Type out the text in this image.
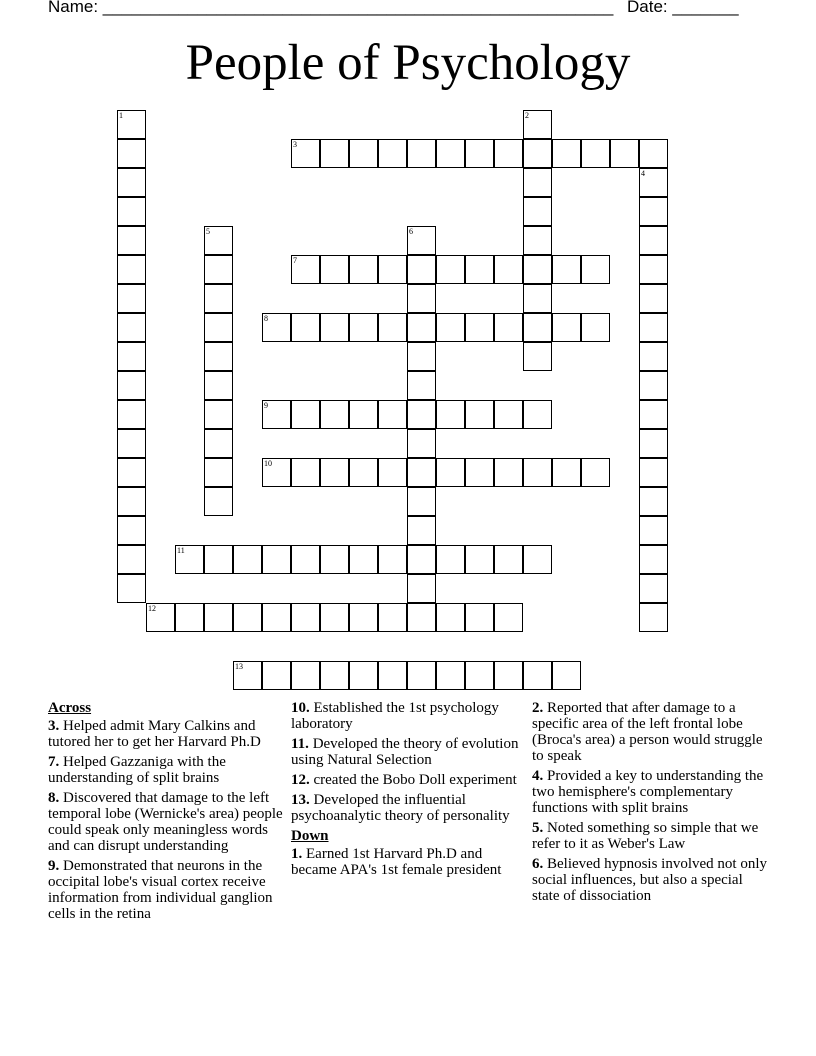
Name: ______________________________________________________ Date: _______
People of Psychology
1	2
3
4
5	6
7
8
9
10
11
12
13
Across
3. Helped admit Mary Calkins and tutored her to get her Harvard Ph.D
7. Helped Gazzaniga with the understanding of split brains
8. Discovered that damage to the left temporal lobe (Wernicke's area) people could speak only meaningless words and can disrupt understanding
9. Demonstrated that neurons in the occipital lobe's visual cortex receive information from individual ganglion cells in the retina
10. Established the 1st psychology laboratory
11. Developed the theory of evolution using Natural Selection
12. created the Bobo Doll experiment
13. Developed the influential psychoanalytic theory of personality
Down
1. Earned 1st Harvard Ph.D and became APA's 1st female president
2. Reported that after damage to a specific area of the left frontal lobe (Broca's area) a person would struggle to speak
4. Provided a key to understanding the two hemisphere's complementary functions with split brains
5. Noted something so simple that we refer to it as Weber's Law
6. Believed hypnosis involved not only social influences, but also a special state of dissociation
